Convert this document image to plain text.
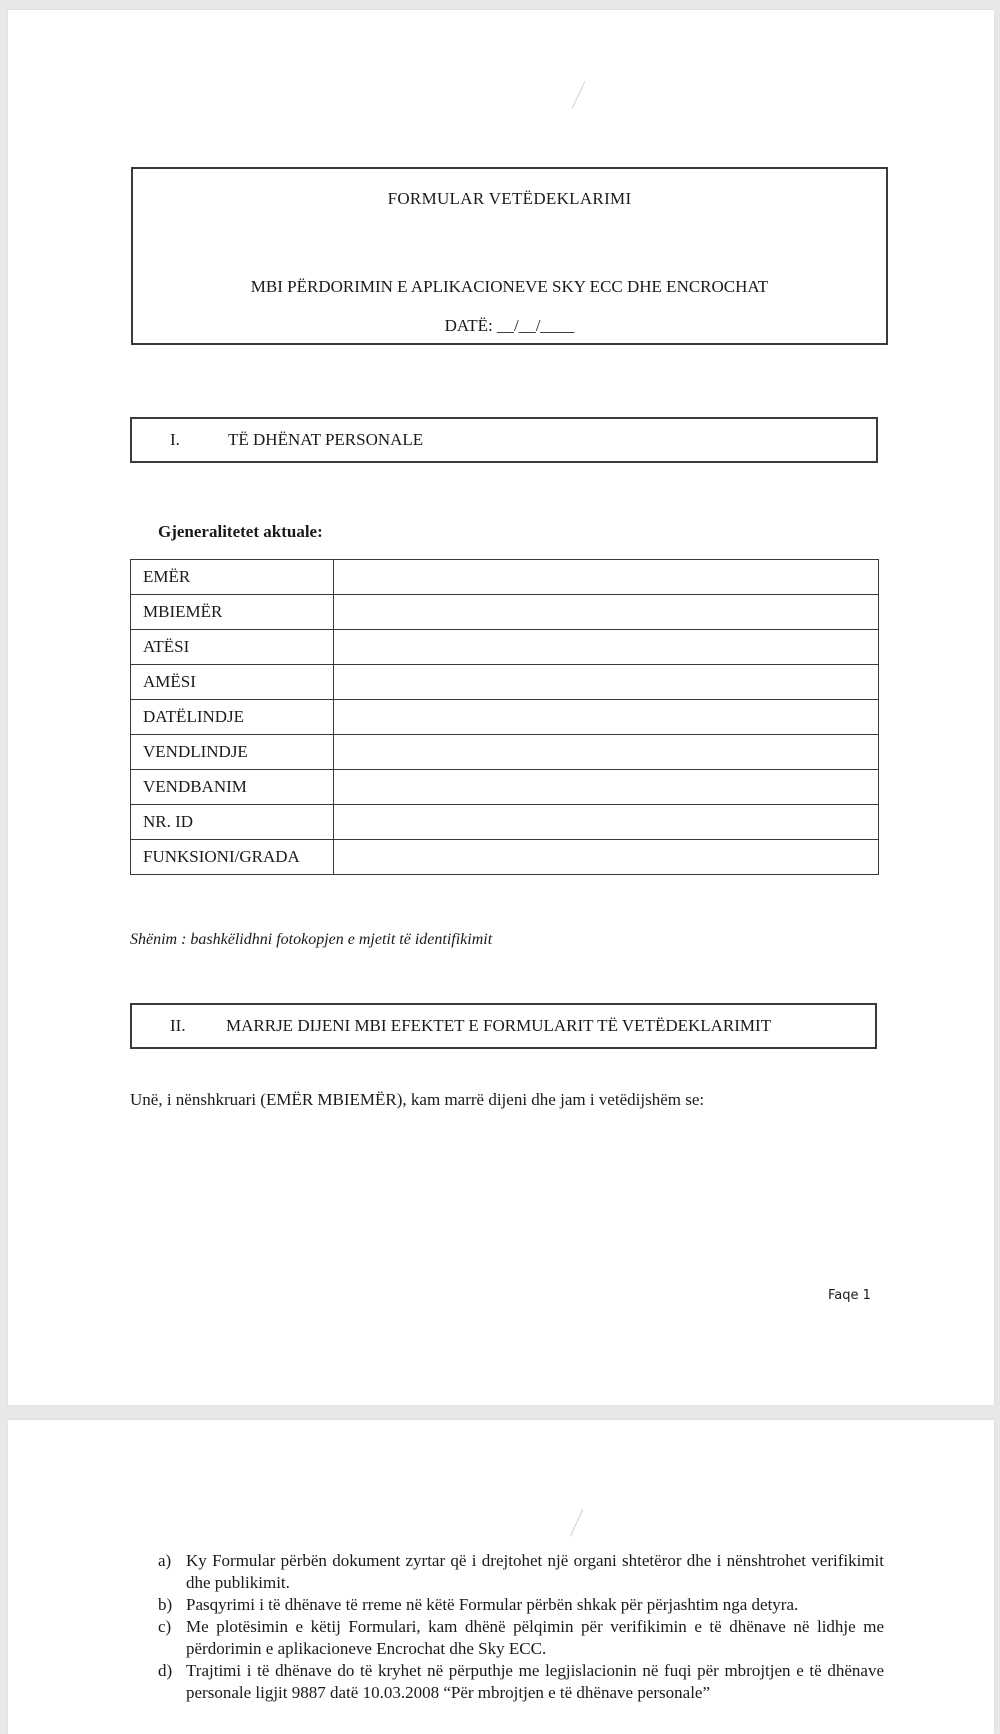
FORMULAR VETËDEKLARIMI
MBI PËRDORIMIN E APLIKACIONEVE SKY ECC DHE ENCROCHAT
DATË: __/__/____
I.	TË DHËNAT PERSONALE
Gjeneralitetet aktuale:
EMËR	
MBIEMËR	
ATËSI	
AMËSI	
DATËLINDJE	
VENDLINDJE	
VENDBANIM	
NR. ID	
FUNKSIONI/GRADA	
Shënim : bashkëlidhni fotokopjen e mjetit të identifikimit
II. MARRJE DIJENI MBI EFEKTET E FORMULARIT TË VETËDEKLARIMIT
Unë, i nënshkruari (EMËR MBIEMËR), kam marrë dijeni dhe jam i vetëdijshëm se:
Faqe 1
a) Ky Formular përbën dokument zyrtar që i drejtohet një organi shtetëror dhe i nënshtrohet verifikimit dhe publikimit.
b) Pasqyrimi i të dhënave të rreme në këtë Formular përbën shkak për përjashtim nga detyra.
c) Me plotësimin e këtij Formulari, kam dhënë pëlqimin për verifikimin e të dhënave në lidhje me përdorimin e aplikacioneve Encrochat dhe Sky ECC.
d) Trajtimi i të dhënave do të kryhet në përputhje me legjislacionin në fuqi për mbrojtjen e të dhënave personale ligjit 9887 datë 10.03.2008 “Për mbrojtjen e të dhënave personale”
